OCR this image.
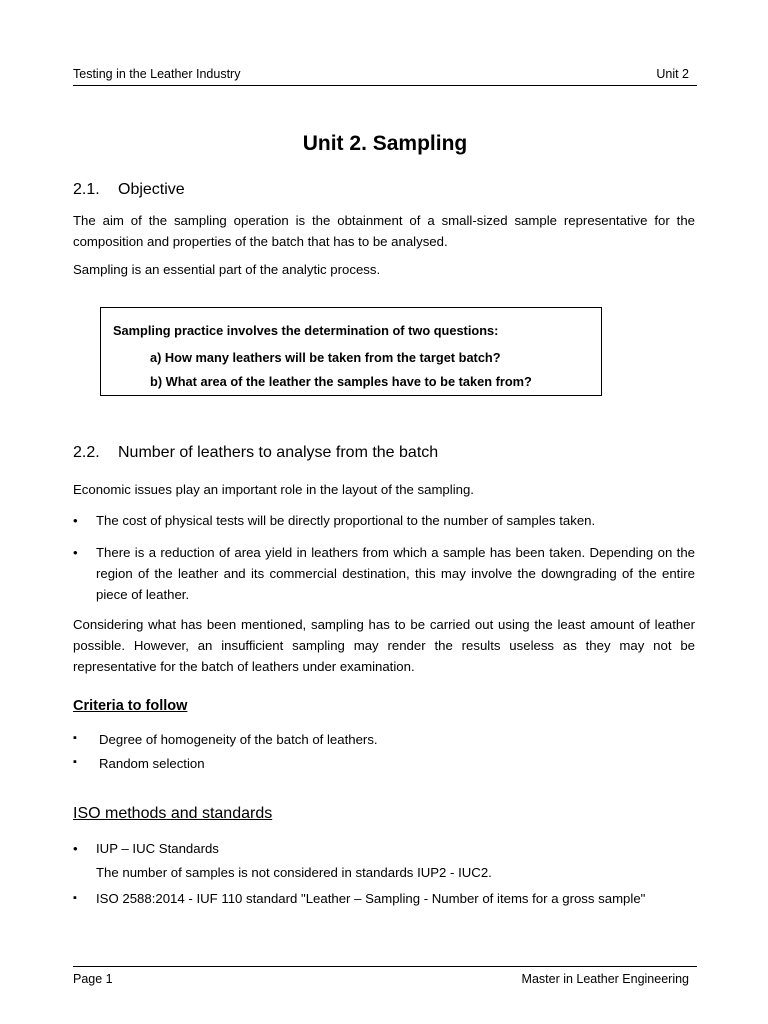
Testing in the Leather Industry	Unit 2
Unit 2. Sampling
2.1. Objective

The aim of the sampling operation is the obtainment of a small-sized sample representative for the composition and properties of the batch that has to be analysed.

Sampling is an essential part of the analytic process.

Sampling practice involves the determination of two questions:
a) How many leathers will be taken from the target batch?
b) What area of the leather the samples have to be taken from?
2.2. Number of leathers to analyse from the batch

Economic issues play an important role in the layout of the sampling.

•	The cost of physical tests will be directly proportional to the number of samples taken.
•	There is a reduction of area yield in leathers from which a sample has been taken. Depending on the region of the leather and its commercial destination, this may involve the downgrading of the entire piece of leather.

Considering what has been mentioned, sampling has to be carried out using the least amount of leather possible. However, an insufficient sampling may render the results useless as they may not be representative for the batch of leathers under examination.

Criteria to follow
▪ Degree of homogeneity of the batch of leathers.
▪ Random selection
ISO methods and standards
•	IUP – IUC Standards
The number of samples is not considered in standards IUP2 - IUC2.
▪	ISO 2588:2014 - IUF 110 standard "Leather – Sampling - Number of items for a gross sample"
Page 1	Master in Leather Engineering
